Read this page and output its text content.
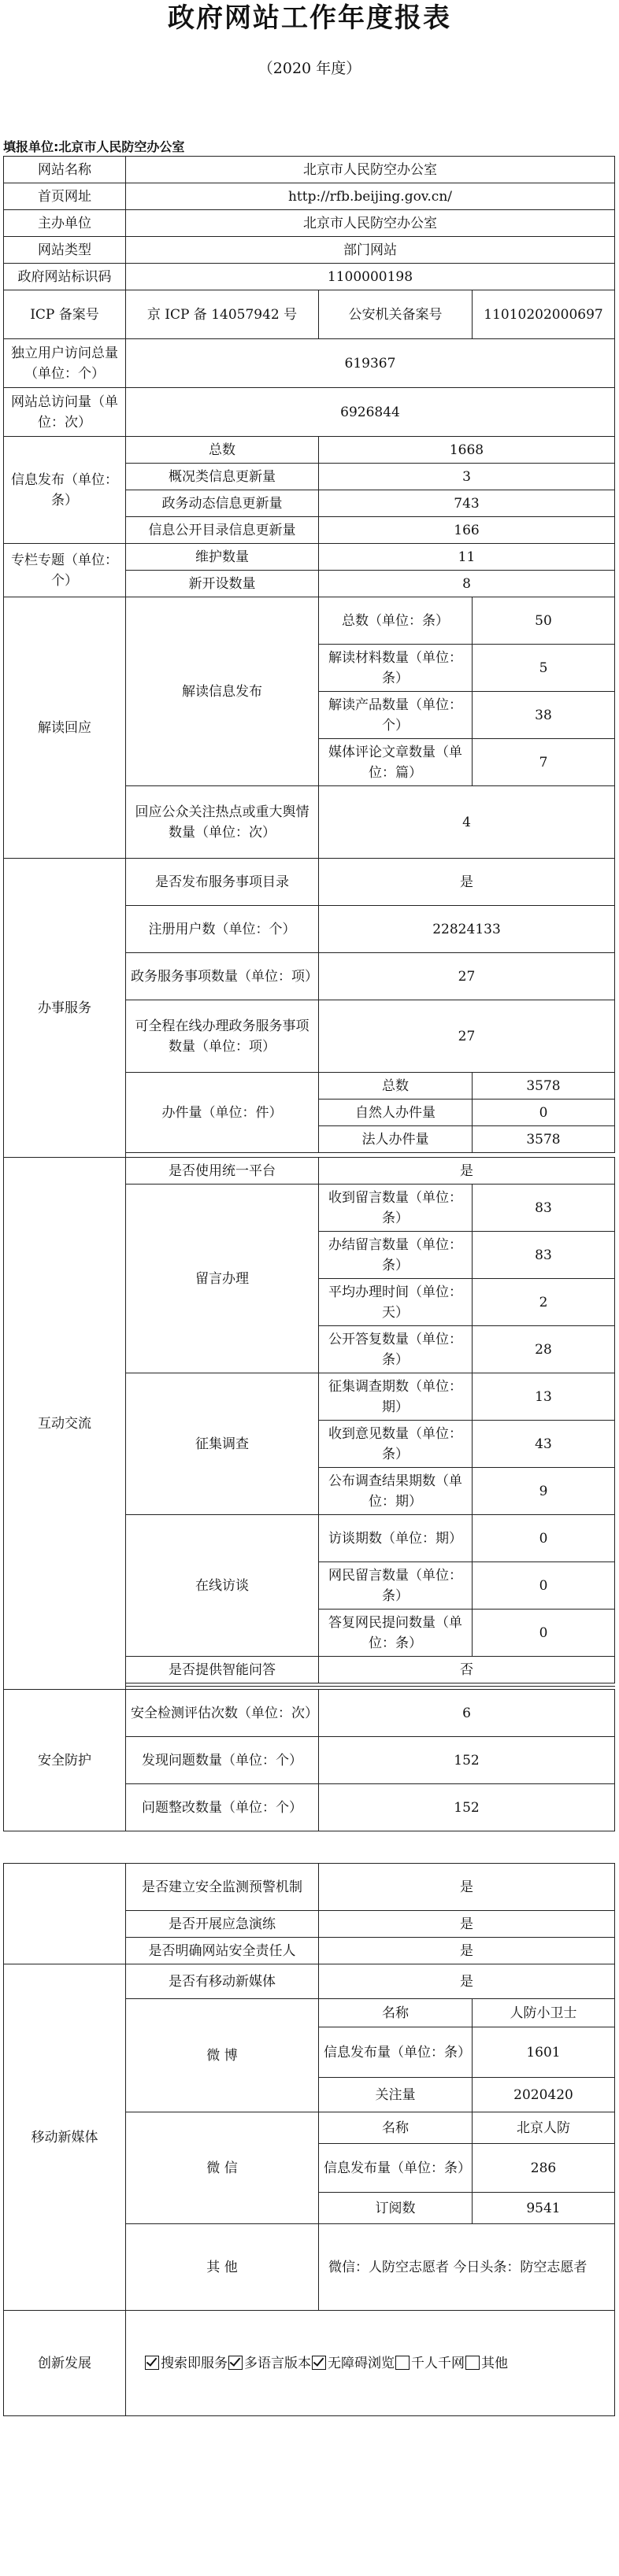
政府网站工作年度报表
（2020 年度）
填报单位:北京市人民防空办公室
网站名称	北京市人民防空办公室		
首页网址	http://rfb.beijing.gov.cn/		
主办单位	北京市人民防空办公室		
网站类型	部门网站		
政府网站标识码	1100000198		
ICP 备案号	京 ICP 备 14057942 号	公安机关备案号	11010202000697
独立用户访问总量（单位：个）	619367		
网站总访问量（单位：次）	6926844		
信息发布（单位：条）	总数	1668	
	概况类信息更新量	3	
	政务动态信息更新量	743	
	信息公开目录信息更新量	166	
专栏专题（单位：个）	维护数量	11	
	新开设数量	8	
解读回应	解读信息发布	总数（单位：条）	50
		解读材料数量（单位：条）	5
		解读产品数量（单位：个）	38
		媒体评论文章数量（单位：篇）	7
	回应公众关注热点或重大舆情数量（单位：次）	4	
办事服务	是否发布服务事项目录	是	
	注册用户数（单位：个）	22824133	
	政务服务事项数量（单位：项）	27	
	可全程在线办理政务服务事项数量（单位：项）	27	
	办件量（单位：件）	总数	3578
		自然人办件量	0
		法人办件量	3578

互动交流	是否使用统一平台	是	
	留言办理	收到留言数量（单位：条）	83
		办结留言数量（单位：条）	83
		平均办理时间（单位：天）	2
		公开答复数量（单位：条）	28
	征集调查	征集调查期数（单位：期）	13
		收到意见数量（单位：条）	43
		公布调查结果期数（单位：期）	9
	在线访谈	访谈期数（单位：期）	0
		网民留言数量（单位：条）	0
		答复网民提问数量（单位：条）	0
	是否提供智能问答	否	

安全防护	安全检测评估次数（单位：次）	6	
	发现问题数量（单位：个）	152	
	问题整改数量（单位：个）	152	
	是否建立安全监测预警机制	是	
	是否开展应急演练	是	
	是否明确网站安全责任人	是	
移动新媒体	是否有移动新媒体	是	
	微 博	名称	人防小卫士
		信息发布量（单位：条）	1601
		关注量	2020420
	微 信	名称	北京人防
		信息发布量（单位：条）	286
		订阅数	9541
	其 他	微信：人防空志愿者 今日头条：防空志愿者	
创新发展	搜索即服务 多语言版本 无障碍浏览 千人千网 其他		
